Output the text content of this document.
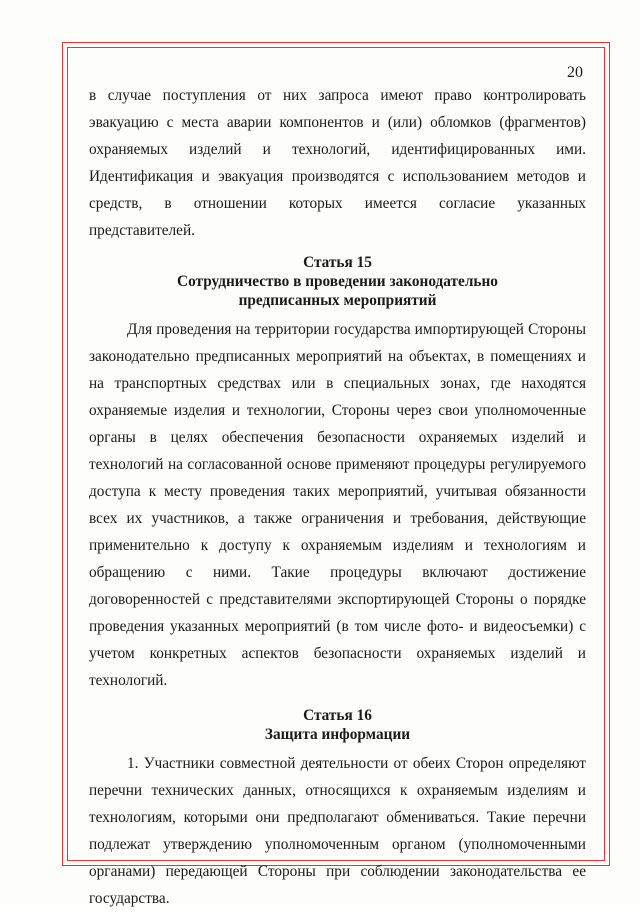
20

в случае поступления от них запроса имеют право контролировать эвакуацию с места аварии компонентов и (или) обломков (фрагментов) охраняемых изделий и технологий, идентифицированных ими. Идентификация и эвакуация производятся с использованием методов и средств, в отношении которых имеется согласие указанных представителей.

Статья 15
Сотрудничество в проведении законодательно
предписанных мероприятий

Для проведения на территории государства импортирующей Стороны законодательно предписанных мероприятий на объектах, в помещениях и на транспортных средствах или в специальных зонах, где находятся охраняемые изделия и технологии, Стороны через свои уполномоченные органы в целях обеспечения безопасности охраняемых изделий и технологий на согласованной основе применяют процедуры регулируемого доступа к месту проведения таких мероприятий, учитывая обязанности всех их участников, а также ограничения и требования, действующие применительно к доступу к охраняемым изделиям и технологиям и обращению с ними. Такие процедуры включают достижение договоренностей с представителями экспортирующей Стороны о порядке проведения указанных мероприятий (в том числе фото- и видеосъемки) с учетом конкретных аспектов безопасности охраняемых изделий и технологий.

Статья 16
Защита информации

1. Участники совместной деятельности от обеих Сторон определяют перечни технических данных, относящихся к охраняемым изделиям и технологиям, которыми они предполагают обмениваться. Такие перечни подлежат утверждению уполномоченным органом (уполномоченными органами) передающей Стороны при соблюдении законодательства ее государства.
